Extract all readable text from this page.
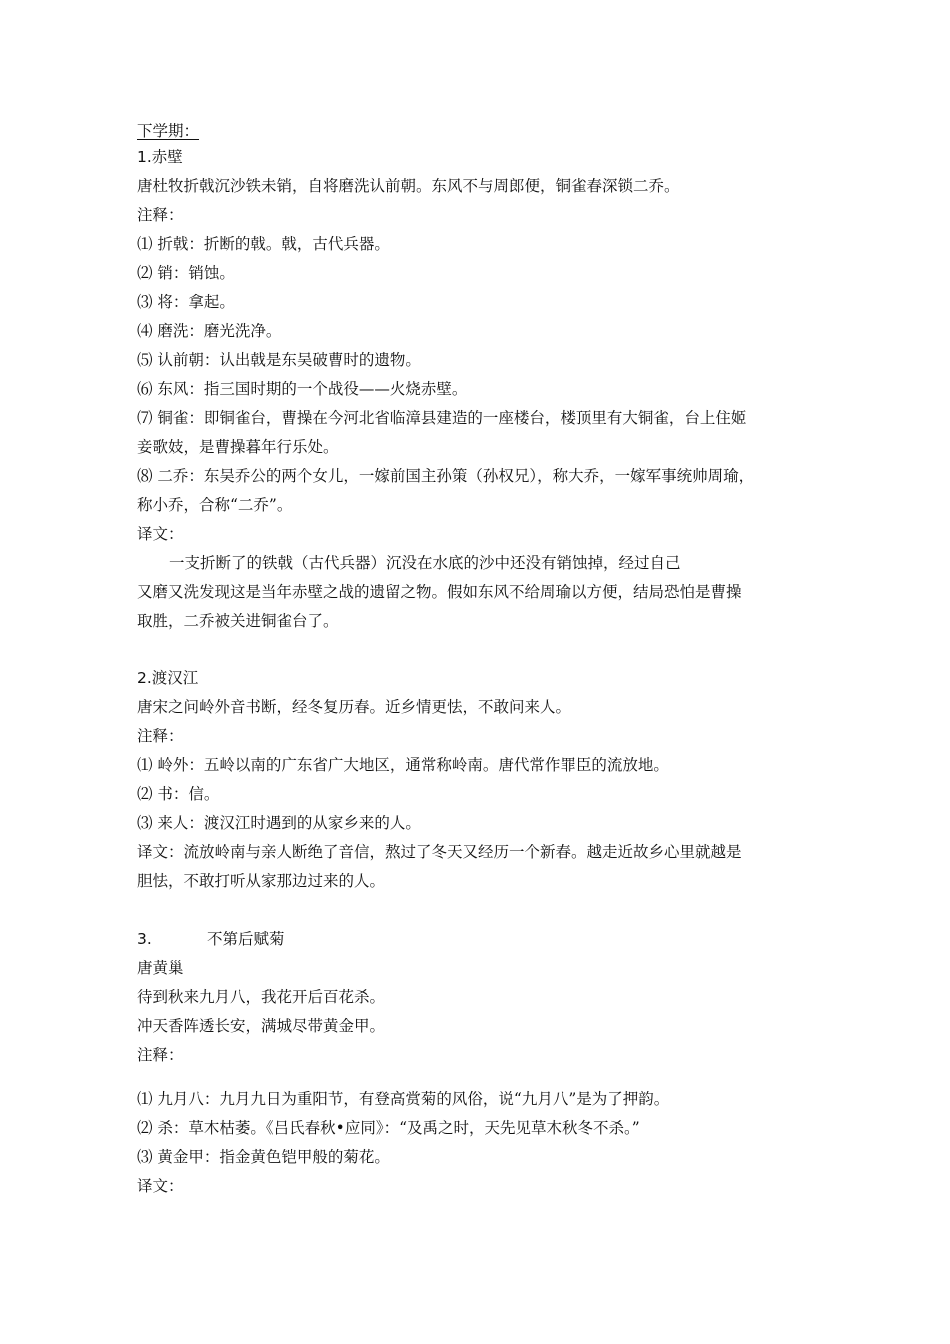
下学期：
1.赤壁
唐杜牧折戟沉沙铁未销，自将磨洗认前朝。东风不与周郎便，铜雀春深锁二乔。
注释：
⑴ 折戟：折断的戟。戟，古代兵器。
⑵ 销：销蚀。
⑶ 将：拿起。
⑷ 磨洗：磨光洗净。
⑸ 认前朝：认出戟是东吴破曹时的遗物。
⑹ 东风：指三国时期的一个战役——火烧赤壁。
⑺ 铜雀：即铜雀台，曹操在今河北省临漳县建造的一座楼台，楼顶里有大铜雀，台上住姬
妾歌妓，是曹操暮年行乐处。
⑻ 二乔：东吴乔公的两个女儿，一嫁前国主孙策（孙权兄），称大乔，一嫁军事统帅周瑜，
称小乔，合称“二乔”。
译文：
一支折断了的铁戟（古代兵器）沉没在水底的沙中还没有销蚀掉，经过自己
又磨又洗发现这是当年赤壁之战的遗留之物。假如东风不给周瑜以方便，结局恐怕是曹操
取胜，二乔被关进铜雀台了。
2.渡汉江
唐宋之问岭外音书断，经冬复历春。近乡情更怯，不敢问来人。
注释：
⑴ 岭外：五岭以南的广东省广大地区，通常称岭南。唐代常作罪臣的流放地。
⑵ 书：信。
⑶ 来人：渡汉江时遇到的从家乡来的人。
译文：流放岭南与亲人断绝了音信，熬过了冬天又经历一个新春。越走近故乡心里就越是
胆怯，不敢打听从家那边过来的人。
3.	不第后赋菊
唐黄巢
待到秋来九月八，我花开后百花杀。
冲天香阵透长安，满城尽带黄金甲。
注释：
⑴ 九月八：九月九日为重阳节，有登高赏菊的风俗，说“九月八”是为了押韵。
⑵ 杀：草木枯萎。《吕氏春秋•应同》：“及禹之时，天先见草木秋冬不杀。”
⑶ 黄金甲：指金黄色铠甲般的菊花。
译文：
